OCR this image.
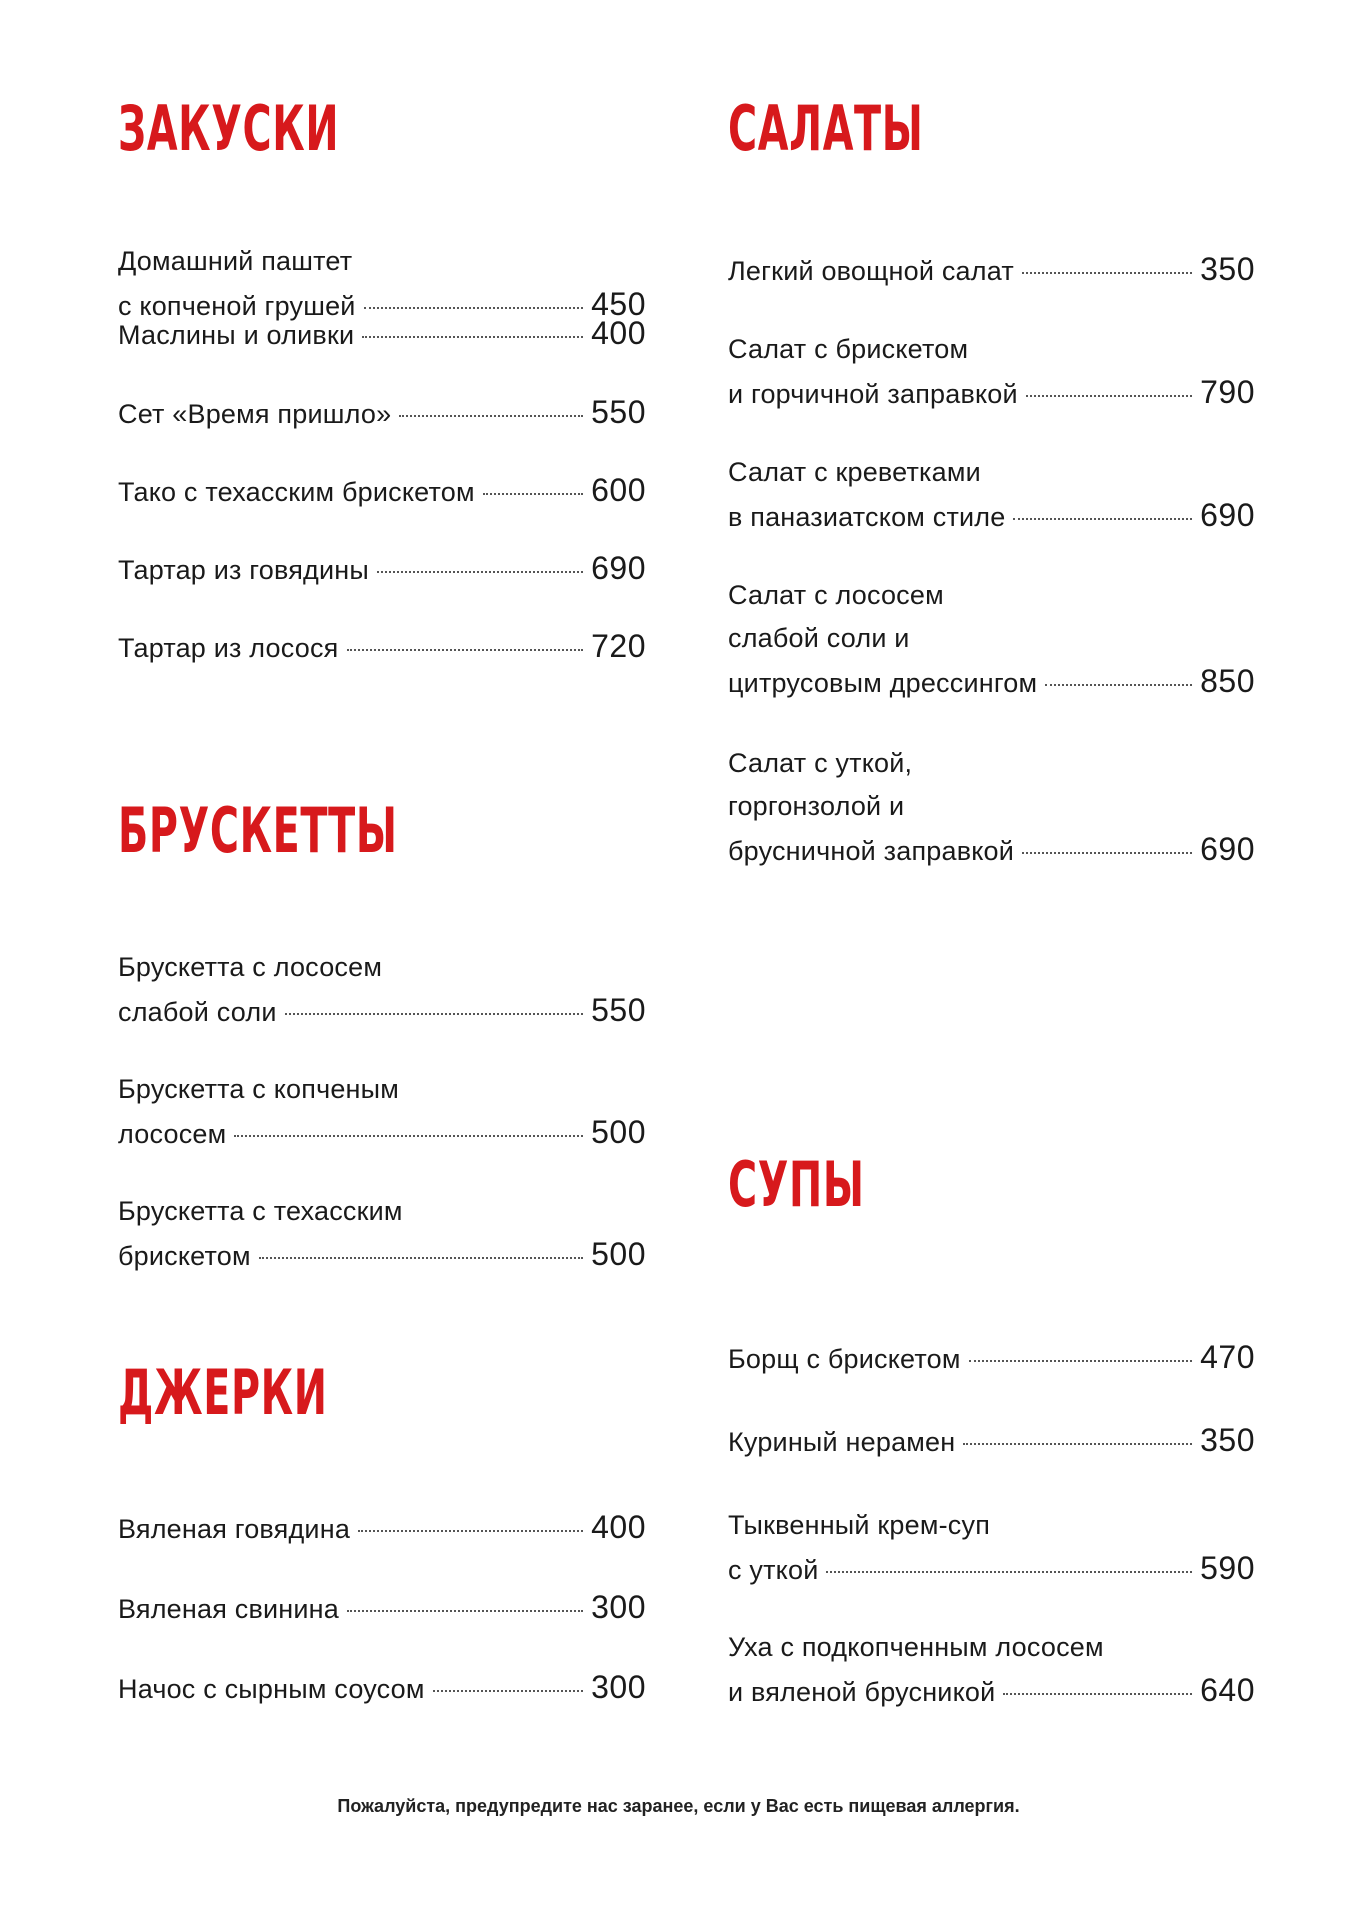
ЗАКУСКИ
Домашний паштет
с копченой грушей	450
Маслины и оливки	400
Сет «Время пришло»	550
Тако с техасским брискетом	600
Тартар из говядины	690
Тартар из лосося	720
БРУСКЕТТЫ
Брускетта с лососем
слабой соли	550
Брускетта с копченым
лососем	500
Брускетта с техасским
брискетом	500
ДЖЕРКИ
Вяленая говядина	400
Вяленая свинина	300
Начос с сырным соусом	300
САЛАТЫ
Легкий овощной салат	350
Салат с брискетом
и горчичной заправкой	790
Салат с креветками
в паназиатском стиле	690
Салат с лососем
слабой соли и
цитрусовым дрессингом	850
Салат с уткой,
горгонзолой и
брусничной заправкой	690
СУПЫ
Борщ с брискетом	470
Куриный нерамен	350
Тыквенный крем-суп
с уткой	590
Уха с подкопченным лососем
и вяленой брусникой	640
Пожалуйста, предупредите нас заранее, если у Вас есть пищевая аллергия.
